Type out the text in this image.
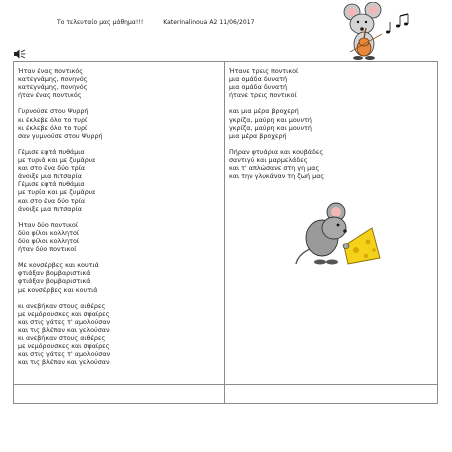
Το τελευταίο μας μάθημα!!!	Katerinalinoua Α2 11/06/2017
Ήταν ένας ποντικός
κατεγνάμης, πονηνός
κατεγνάμης, πονηνός
ήταν ένας ποντικός
Γυρνούσε στου Ψυρρή
κι έκλεβε όλο το τυρί
κι έκλεβε όλο το τυρί
σαν γυμνούσε στου Ψυρρή
Γέμισε εφτά πυθάμια
με τυριά και με ζυμάρια
και στο ένα δύο τρία
άνοιξε μια πιτσαρία
Γέμισε εφτά πυθάμια
με τυρία και με ζυμάρια
και στο ένα δύο τρία
άνοιξε μια πιτσαρία
Ήταν δύο ποντικοί
δύο φίλοι κολλητοί
δύο φίλοι κολλητοί
ήταν δύο ποντικοί
Με κονσέρβες και κουτιά
φτιάξαν βομβαριστικά
φτιάξαν βομβαριστικά
με κονσέρβες και κουτιά
κι ανεβήκαν στους αιθέρες
με νεμόρουσκες και σφαίρες
και στις γάτες τ' αμολούσαν
και τις βλέπαν και γελούσαν
κι ανεβήκαν στους αιθέρες
με νεμόρουσκες και σφαίρες
και στις γάτες τ' αμολούσαν
και τις βλέπαν και γελούσαν
Ήτανε τρεις ποντικοί
μια ομάδα δυνατή
μια ομάδα δυνατή
ήτανε τρεις ποντικοί
και μια μέρα βροχερή
γκρίζα, μαύρη και μουντή
γκρίζα, μαύρη και μουντή
μια μέρα βροχερή
Πήραν φτυάρια και κουβάδες
σαντιγύ και μαρμελάδες
και τ' απλώσανε στη γη μας
και την γλυκάναν τη ζωή μας
